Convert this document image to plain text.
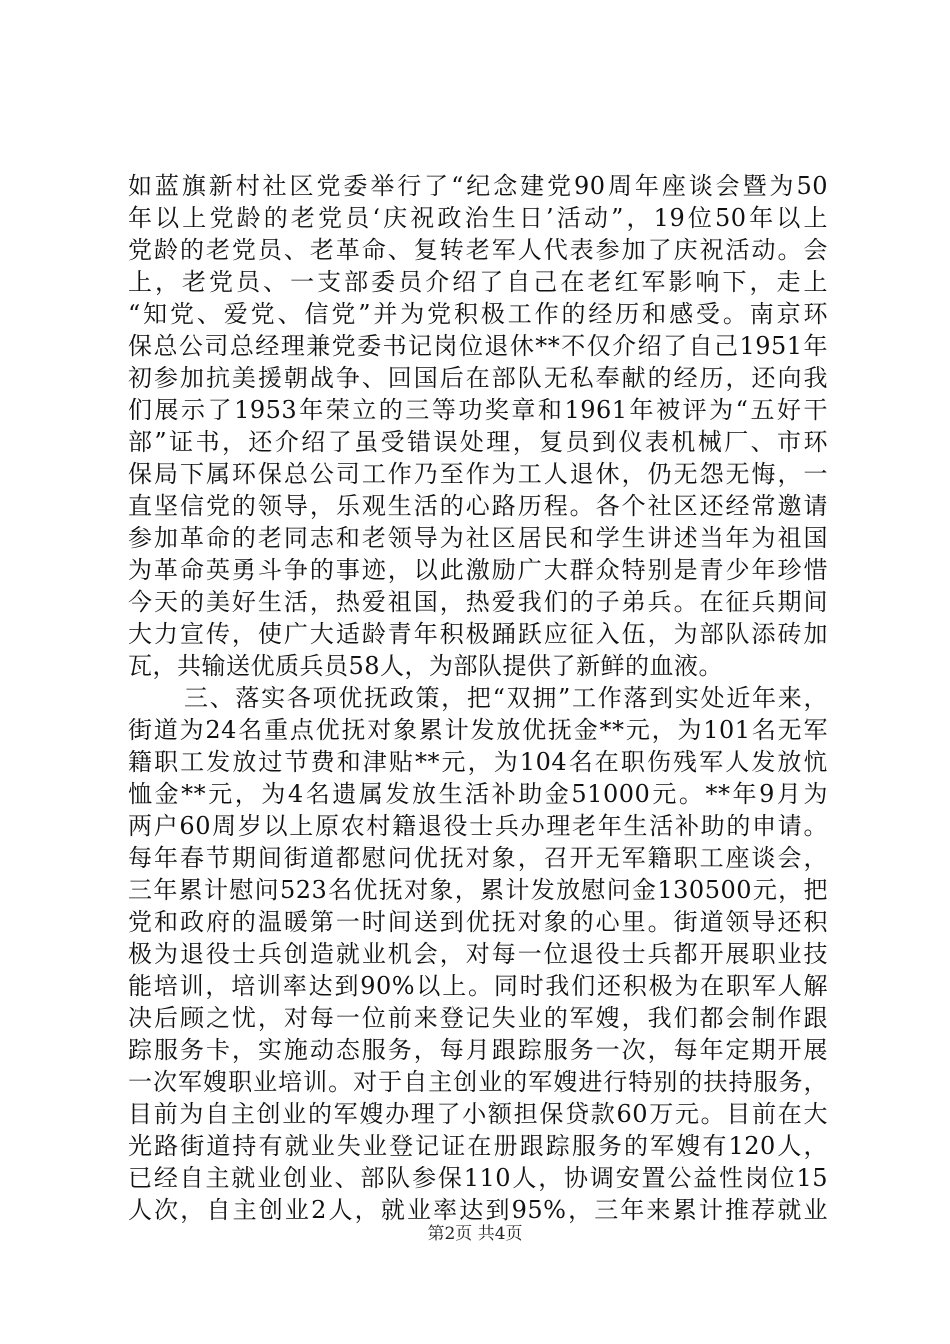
如蓝旗新村社区党委举行了“纪念建党90周年座谈会暨为50
年以上党龄的老党员‘庆祝政治生日’活动”，19位50年以上
党龄的老党员、老革命、复转老军人代表参加了庆祝活动。会
上，老党员、一支部委员介绍了自己在老红军影响下，走上
“知党、爱党、信党”并为党积极工作的经历和感受。南京环
保总公司总经理兼党委书记岗位退休**不仅介绍了自己1951年
初参加抗美援朝战争、回国后在部队无私奉献的经历，还向我
们展示了1953年荣立的三等功奖章和1961年被评为“五好干
部”证书，还介绍了虽受错误处理，复员到仪表机械厂、市环
保局下属环保总公司工作乃至作为工人退休，仍无怨无悔，一
直坚信党的领导，乐观生活的心路历程。各个社区还经常邀请
参加革命的老同志和老领导为社区居民和学生讲述当年为祖国
为革命英勇斗争的事迹，以此激励广大群众特别是青少年珍惜
今天的美好生活，热爱祖国，热爱我们的子弟兵。在征兵期间
大力宣传，使广大适龄青年积极踊跃应征入伍，为部队添砖加
瓦，共输送优质兵员58人，为部队提供了新鲜的血液。
三、落实各项优抚政策，把“双拥”工作落到实处近年来，
街道为24名重点优抚对象累计发放优抚金**元，为101名无军
籍职工发放过节费和津贴**元，为104名在职伤残军人发放忼
恤金**元，为4名遗属发放生活补助金51000元。**年9月为
两户60周岁以上原农村籍退役士兵办理老年生活补助的申请。
每年春节期间街道都慰问优抚对象，召开无军籍职工座谈会，
三年累计慰问523名优抚对象，累计发放慰问金130500元，把
党和政府的温暖第一时间送到优抚对象的心里。街道领导还积
极为退役士兵创造就业机会，对每一位退役士兵都开展职业技
能培训，培训率达到90%以上。同时我们还积极为在职军人解
决后顾之忧，对每一位前来登记失业的军嫂，我们都会制作跟
踪服务卡，实施动态服务，每月跟踪服务一次，每年定期开展
一次军嫂职业培训。对于自主创业的军嫂进行特别的扶持服务，
目前为自主创业的军嫂办理了小额担保贷款60万元。目前在大
光路街道持有就业失业登记证在册跟踪服务的军嫂有120人，
已经自主就业创业、部队参保110人，协调安置公益性岗位15
人次，自主创业2人，就业率达到95%，三年来累计推荐就业
第2页 共4页
